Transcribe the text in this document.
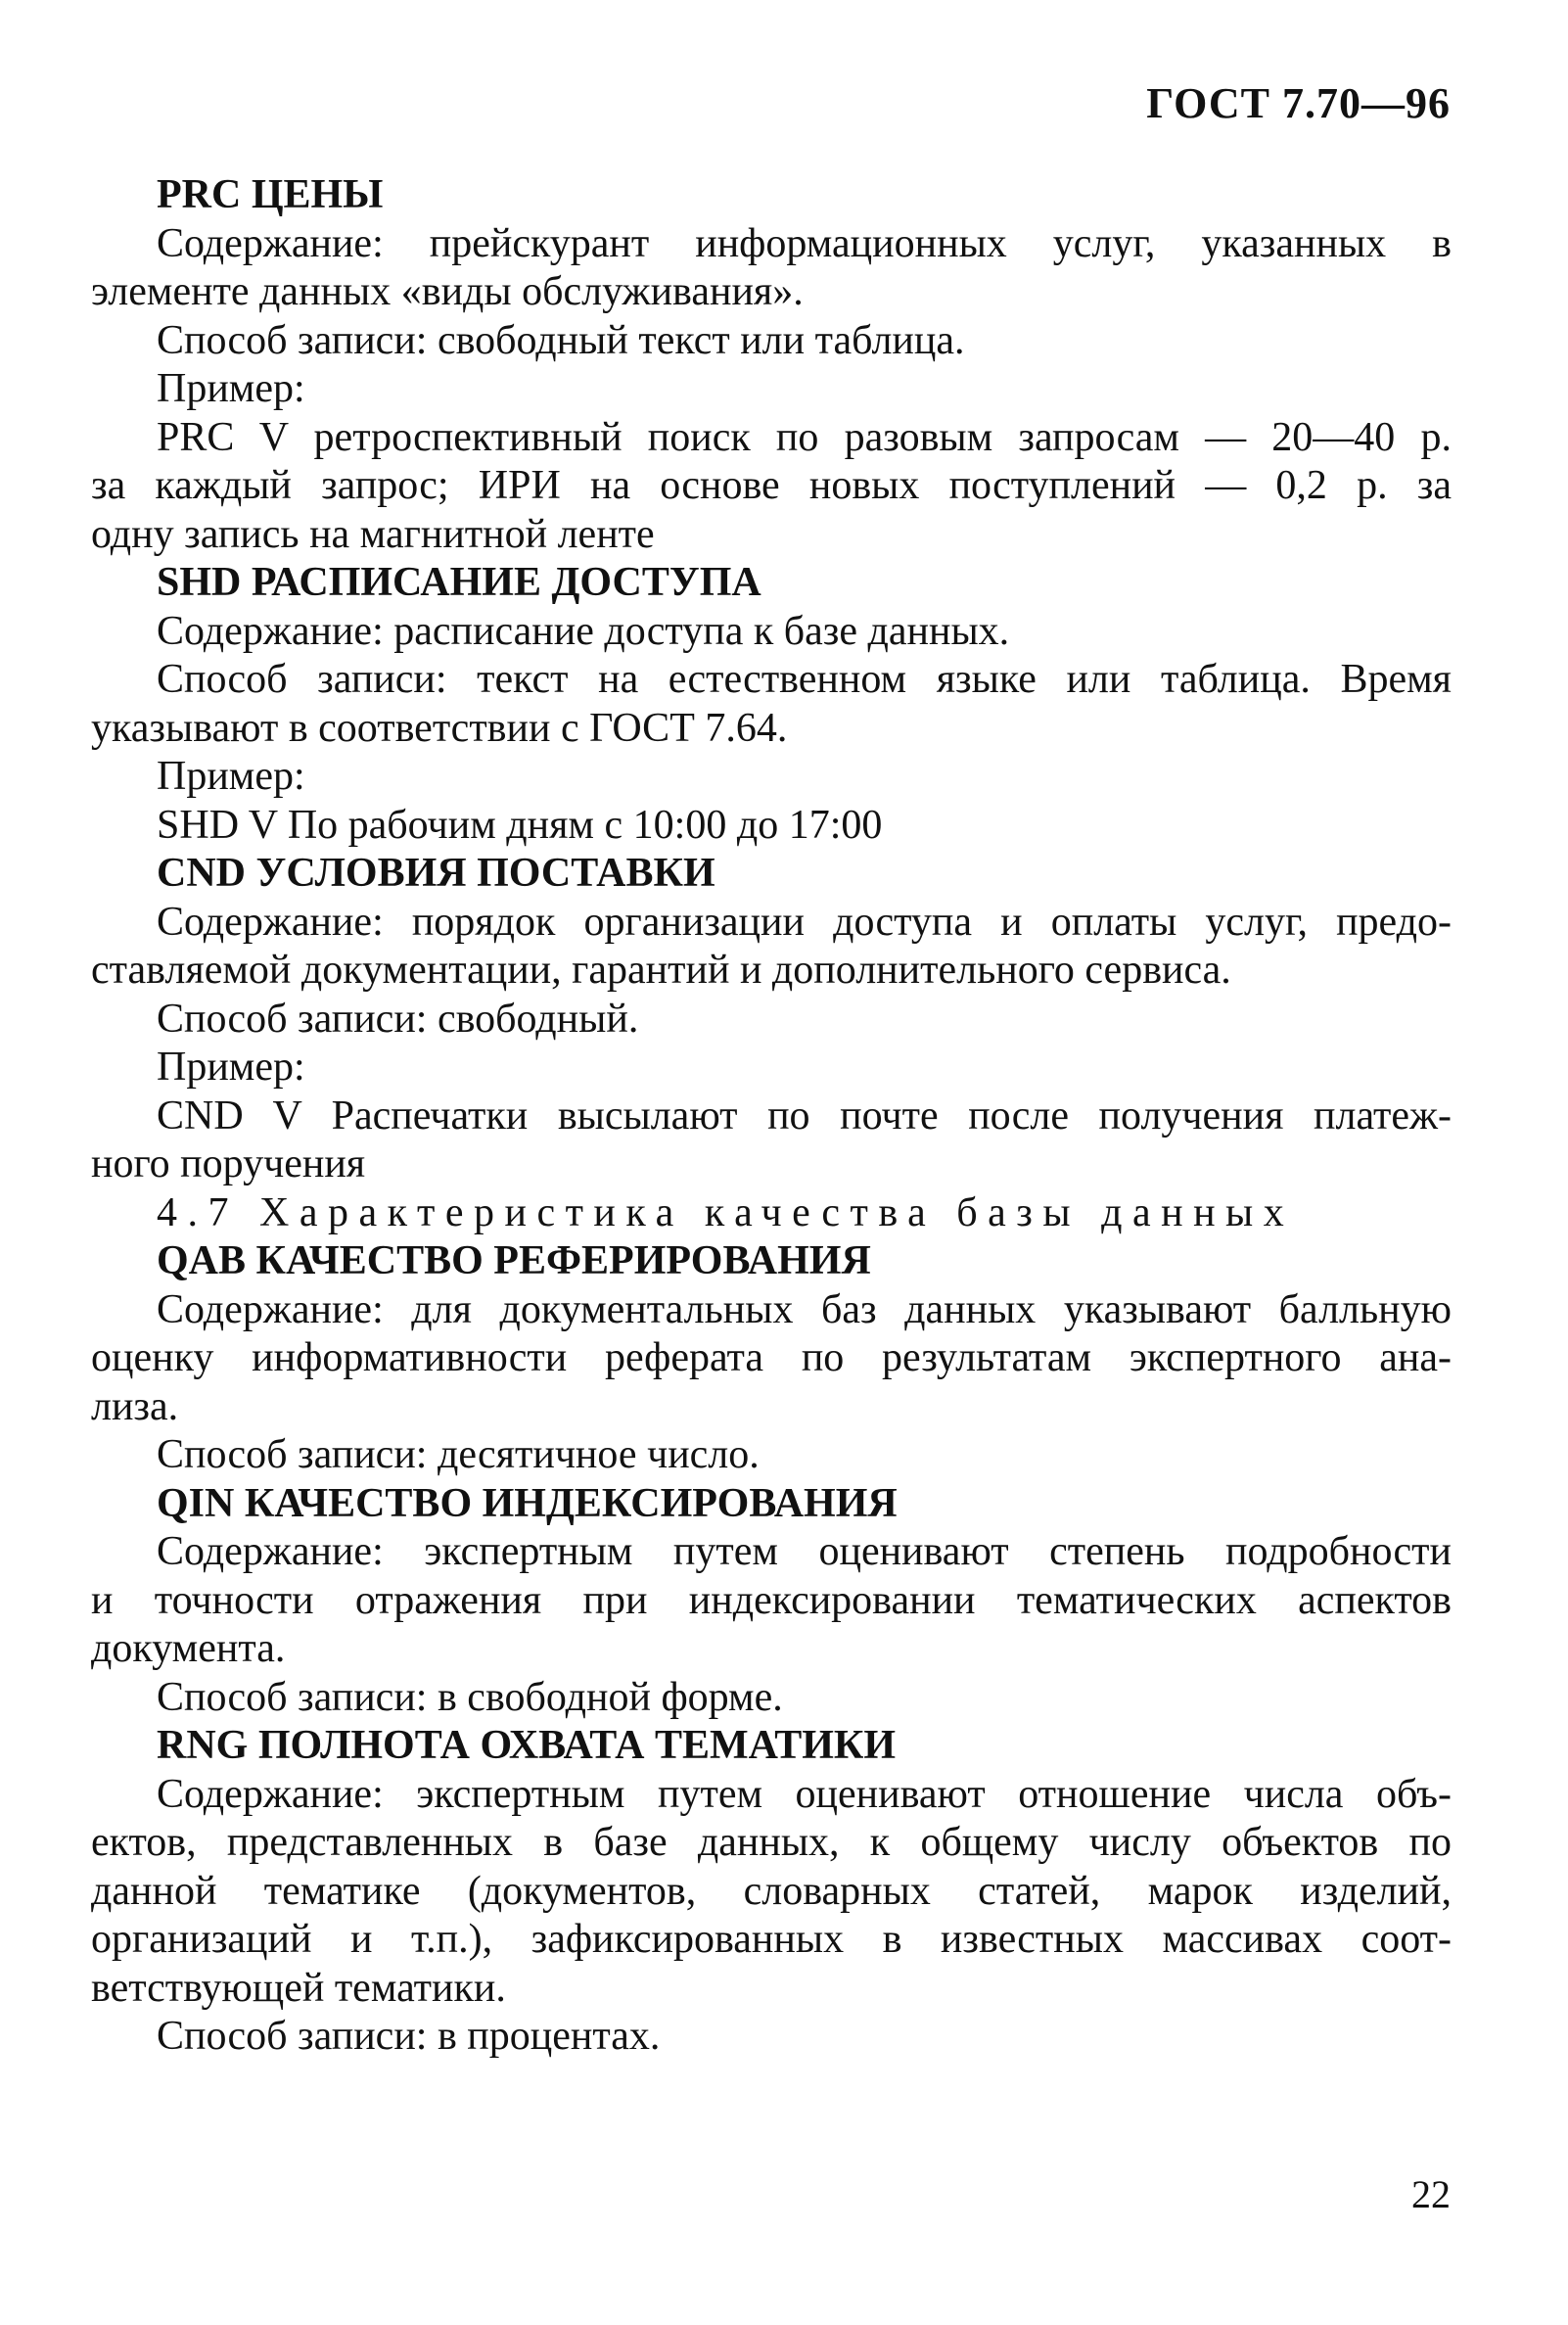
ГОСТ 7.70—96
PRC ЦЕНЫ
Содержание: прейскурант информационных услуг, указанных в
элементе данных «виды обслуживания».
Способ записи: свободный текст или таблица.
Пример:
PRC V ретроспективный поиск по разовым запросам — 20—40 р.
за каждый запрос; ИРИ на основе новых поступлений — 0,2 р. за
одну запись на магнитной ленте
SHD РАСПИСАНИЕ ДОСТУПА
Содержание: расписание доступа к базе данных.
Способ записи: текст на естественном языке или таблица. Время
указывают в соответствии с ГОСТ 7.64.
Пример:
SHD V По рабочим дням с 10:00 до 17:00
CND УСЛОВИЯ ПОСТАВКИ
Содержание: порядок организации доступа и оплаты услуг, предо-
ставляемой документации, гарантий и дополнительного сервиса.
Способ записи: свободный.
Пример:
CND V Распечатки высылают по почте после получения платеж-
ного поручения
4.7 Характеристика качества базы данных
QAB КАЧЕСТВО РЕФЕРИРОВАНИЯ
Содержание: для документальных баз данных указывают балльную
оценку информативности реферата по результатам экспертного ана-
лиза.
Способ записи: десятичное число.
QIN КАЧЕСТВО ИНДЕКСИРОВАНИЯ
Содержание: экспертным путем оценивают степень подробности
и точности отражения при индексировании тематических аспектов
документа.
Способ записи: в свободной форме.
RNG ПОЛНОТА ОХВАТА ТЕМАТИКИ
Содержание: экспертным путем оценивают отношение числа объ-
ектов, представленных в базе данных, к общему числу объектов по
данной тематике (документов, словарных статей, марок изделий,
организаций и т.п.), зафиксированных в известных массивах соот-
ветствующей тематики.
Способ записи: в процентах.
22
